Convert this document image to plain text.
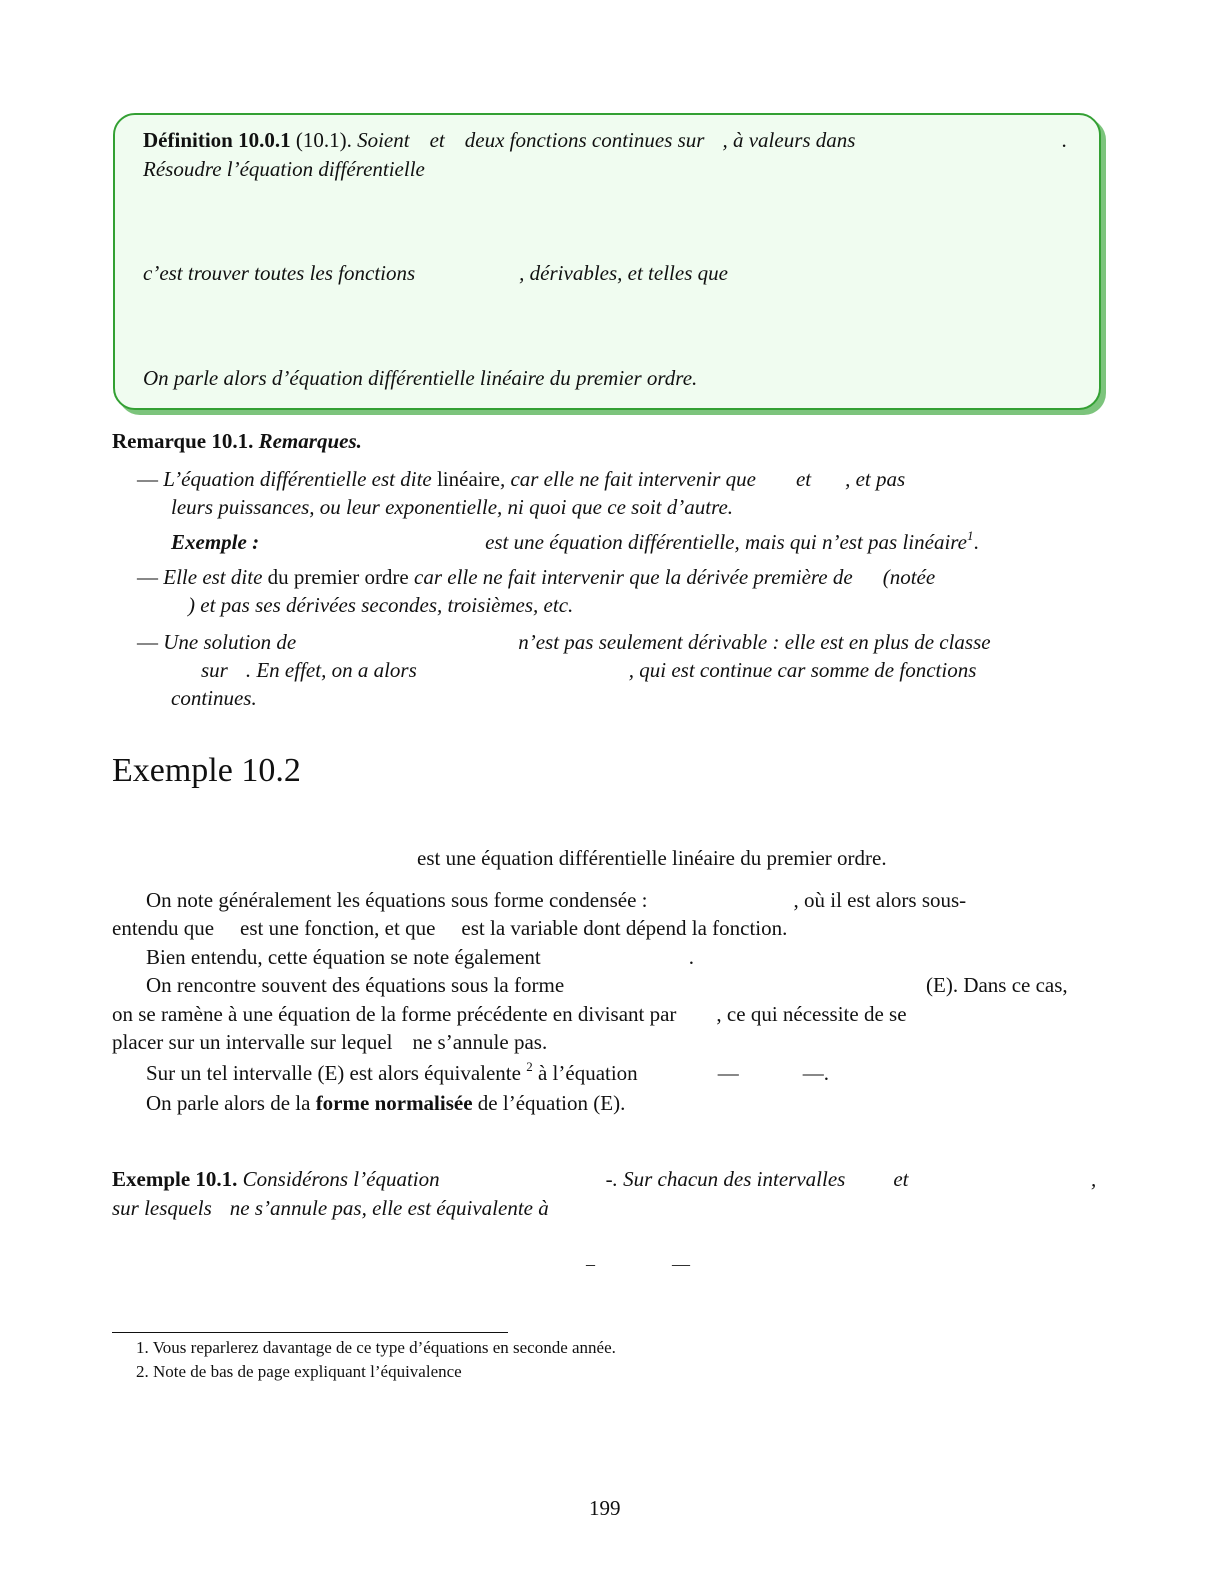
Définition 10.0.1 (10.1). Soient et deux fonctions continues sur , à valeurs dans	.
Résoudre l’équation différentielle
c’est trouver toutes les fonctions	, dérivables, et telles que
On parle alors d’équation différentielle linéaire du premier ordre.
Remarque 10.1. Remarques.
— L’équation différentielle est dite linéaire, car elle ne fait intervenir que et , et pas
leurs puissances, ou leur exponentielle, ni quoi que ce soit d’autre.
Exemple :	est une équation différentielle, mais qui n’est pas linéaire$^1$.
— Elle est dite du premier ordre car elle ne fait intervenir que la dérivée première de (notée
) et pas ses dérivées secondes, troisièmes, etc.
— Une solution de	n’est pas seulement dérivable : elle est en plus de classe
sur . En effet, on a alors	, qui est continue car somme de fonctions
continues.
Exemple 10.2
est une équation différentielle linéaire du premier ordre.
On note généralement les équations sous forme condensée :	, où il est alors sous-
entendu que est une fonction, et que est la variable dont dépend la fonction.
Bien entendu, cette équation se note également	.
On rencontre souvent des équations sous la forme	(E). Dans ce cas,
on se ramène à une équation de la forme précédente en divisant par , ce qui nécessite de se
placer sur un intervalle sur lequel ne s’annule pas.
Sur un tel intervalle (E) est alors équivalente $^2$ à l’équation	—	—.
On parle alors de la forme normalisée de l’équation (E).
Exemple 10.1. Considérons l’équation	-. Sur chacun des intervalles et	,
sur lesquels ne s’annule pas, elle est équivalente à
–	—
1. Vous reparlerez davantage de ce type d’équations en seconde année.
2. Note de bas de page expliquant l’équivalence
199
